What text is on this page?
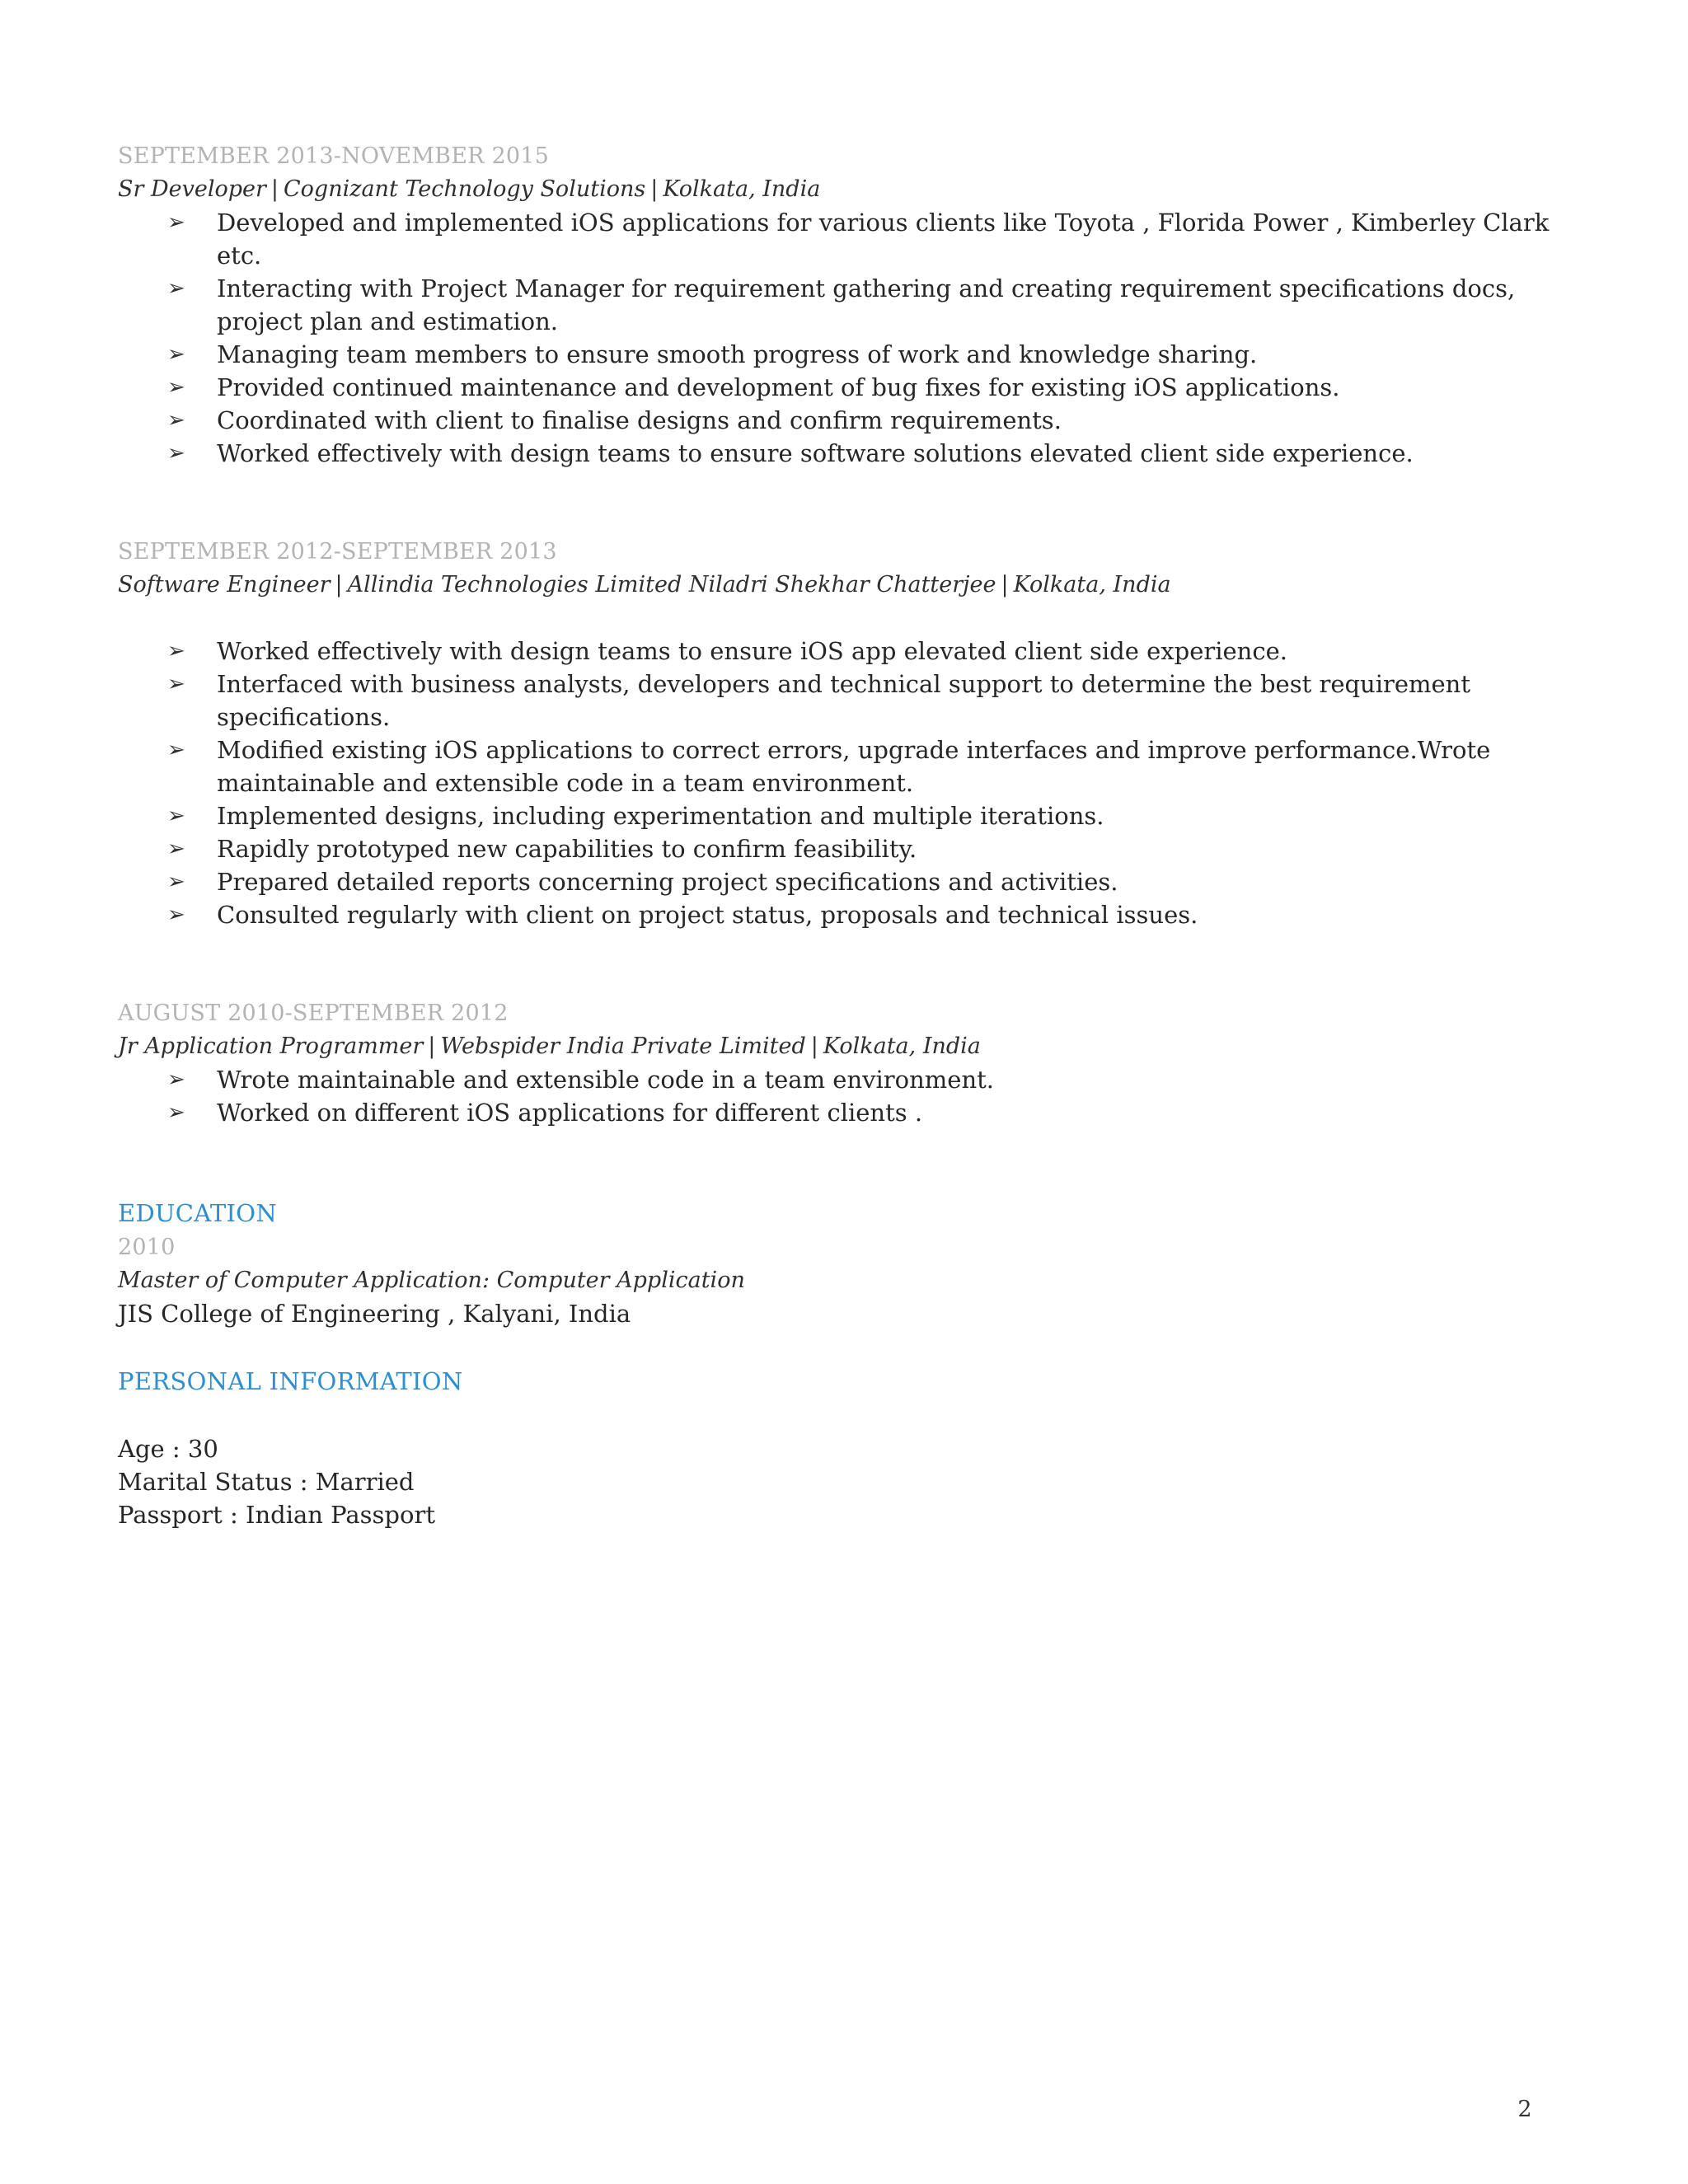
SEPTEMBER 2013-NOVEMBER 2015
Sr Developer | Cognizant Technology Solutions | Kolkata, India
➢	Developed and implemented iOS applications for various clients like Toyota , Florida Power , Kimberley Clark etc.
➢	Interacting with Project Manager for requirement gathering and creating requirement specifications docs, project plan and estimation.
➢	Managing team members to ensure smooth progress of work and knowledge sharing.
➢	Provided continued maintenance and development of bug fixes for existing iOS applications.
➢	Coordinated with client to finalise designs and confirm requirements.
➢	Worked effectively with design teams to ensure software solutions elevated client side experience.
SEPTEMBER 2012-SEPTEMBER 2013
Software Engineer | Allindia Technologies Limited Niladri Shekhar Chatterjee | Kolkata, India
➢	Worked effectively with design teams to ensure iOS app elevated client side experience.
➢	Interfaced with business analysts, developers and technical support to determine the best requirement specifications.
➢	Modified existing iOS applications to correct errors, upgrade interfaces and improve performance.Wrote maintainable and extensible code in a team environment.
➢	Implemented designs, including experimentation and multiple iterations.
➢	Rapidly prototyped new capabilities to confirm feasibility.
➢	Prepared detailed reports concerning project specifications and activities.
➢	Consulted regularly with client on project status, proposals and technical issues.
AUGUST 2010-SEPTEMBER 2012
Jr Application Programmer | Webspider India Private Limited | Kolkata, India
➢	Wrote maintainable and extensible code in a team environment.
➢	Worked on different iOS applications for different clients .
EDUCATION
2010
Master of Computer Application: Computer Application
JIS College of Engineering , Kalyani, India
PERSONAL INFORMATION
Age : 30
Marital Status : Married
Passport : Indian Passport
2
